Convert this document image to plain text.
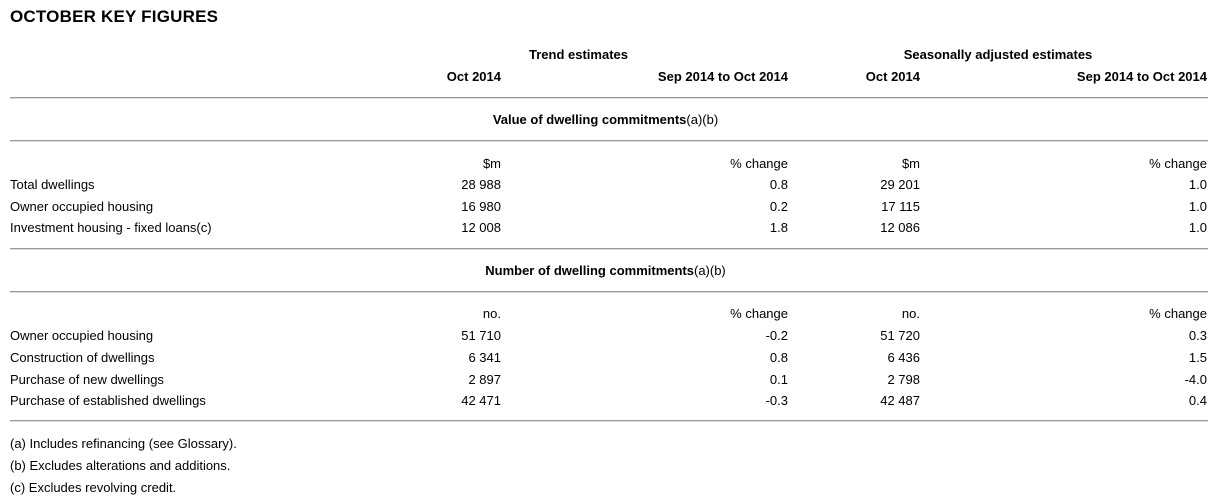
OCTOBER KEY FIGURES
Trend estimates	Seasonally adjusted estimates
Oct 2014	Sep 2014 to Oct 2014	Oct 2014	Sep 2014 to Oct 2014
Value of dwelling commitments(a)(b)
$m	% change	$m	% change
Total dwellings	28 988	0.8	29 201	1.0
Owner occupied housing	16 980	0.2	17 115	1.0
Investment housing - fixed loans(c)	12 008	1.8	12 086	1.0
Number of dwelling commitments(a)(b)
no.	% change	no.	% change
Owner occupied housing	51 710	-0.2	51 720	0.3
Construction of dwellings	6 341	0.8	6 436	1.5
Purchase of new dwellings	2 897	0.1	2 798	-4.0
Purchase of established dwellings	42 471	-0.3	42 487	0.4
(a) Includes refinancing (see Glossary).
(b) Excludes alterations and additions.
(c) Excludes revolving credit.
